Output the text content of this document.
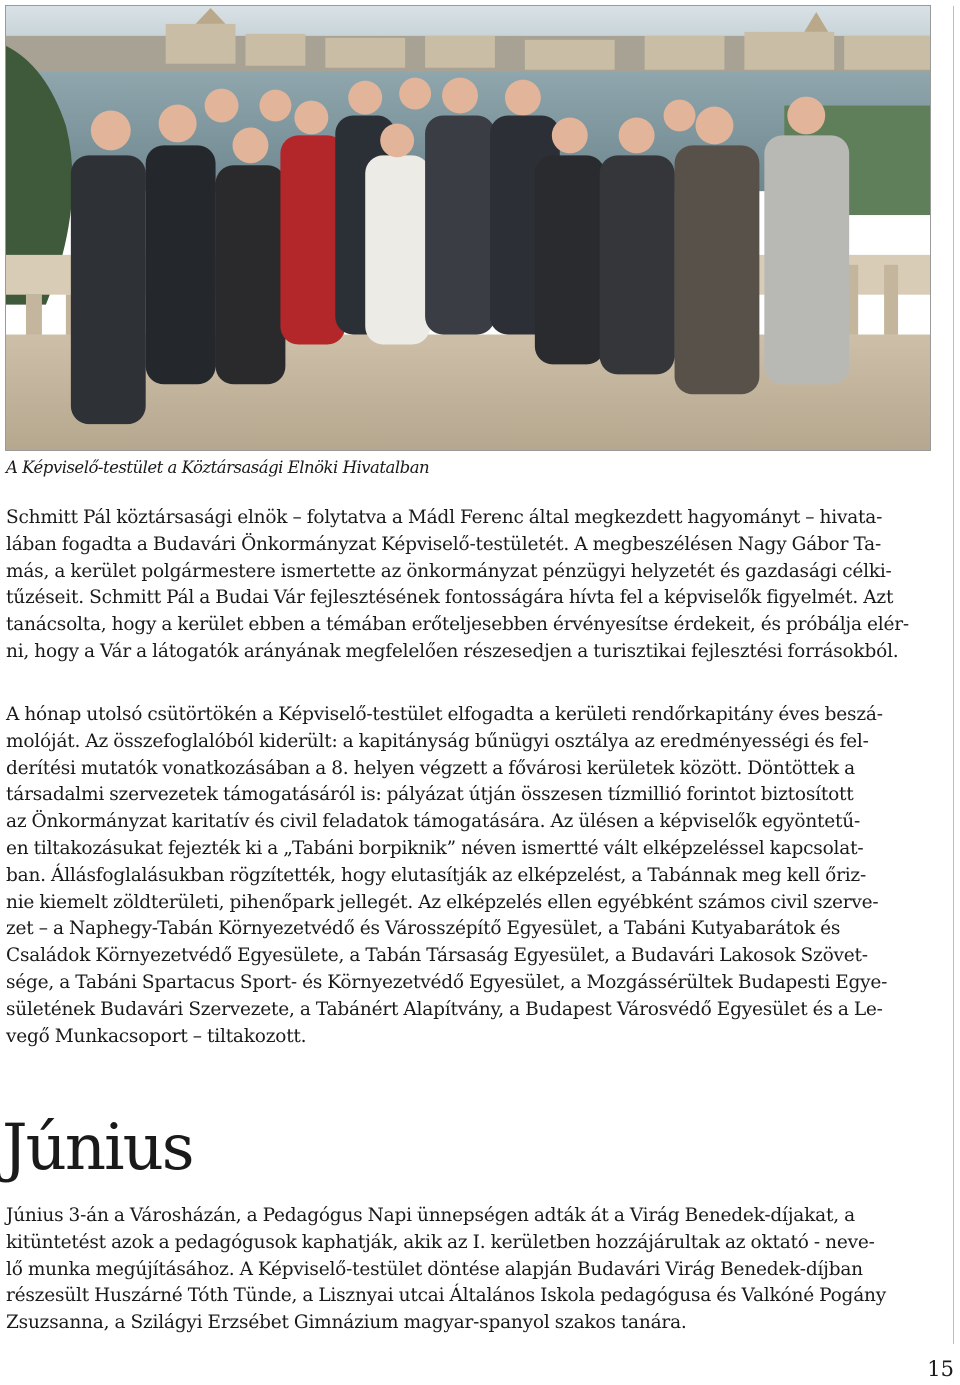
A Képviselő-testület a Köztársasági Elnöki Hivatalban

Schmitt Pál köztársasági elnök – folytatva a Mádl Ferenc által megkezdett hagyományt – hivata-
lában fogadta a Budavári Önkormányzat Képviselő-testületét. A megbeszélésen Nagy Gábor Ta-
más, a kerület polgármestere ismertette az önkormányzat pénzügyi helyzetét és gazdasági célki-
tűzéseit. Schmitt Pál a Budai Vár fejlesztésének fontosságára hívta fel a képviselők figyelmét. Azt
tanácsolta, hogy a kerület ebben a témában erőteljesebben érvényesítse érdekeit, és próbálja elér-
ni, hogy a Vár a látogatók arányának megfelelően részesedjen a turisztikai fejlesztési forrásokból.

A hónap utolsó csütörtökén a Képviselő-testület elfogadta a kerületi rendőrkapitány éves beszá-
molóját. Az összefoglalóból kiderült: a kapitányság bűnügyi osztálya az eredményességi és fel-
derítési mutatók vonatkozásában a 8. helyen végzett a fővárosi kerületek között. Döntöttek a
társadalmi szervezetek támogatásáról is: pályázat útján összesen tízmillió forintot biztosított
az Önkormányzat karitatív és civil feladatok támogatására. Az ülésen a képviselők egyöntetű-
en tiltakozásukat fejezték ki a „Tabáni borpiknik” néven ismertté vált elképzeléssel kapcsolat-
ban. Állásfoglalásukban rögzítették, hogy elutasítják az elképzelést, a Tabánnak meg kell őriz-
nie kiemelt zöldterületi, pihenőpark jellegét. Az elképzelés ellen egyébként számos civil szerve-
zet – a Naphegy-Tabán Környezetvédő és Városszépítő Egyesület, a Tabáni Kutyabarátok és
Családok Környezetvédő Egyesülete, a Tabán Társaság Egyesület, a Budavári Lakosok Szövet-
sége, a Tabáni Spartacus Sport- és Környezetvédő Egyesület, a Mozgássérültek Budapesti Egye-
sületének Budavári Szervezete, a Tabánért Alapítvány, a Budapest Városvédő Egyesület és a Le-
vegő Munkacsoport – tiltakozott.

Június

Június 3-án a Városházán, a Pedagógus Napi ünnepségen adták át a Virág Benedek-díjakat, a
kitüntetést azok a pedagógusok kaphatják, akik az I. kerületben hozzájárultak az oktató - neve-
lő munka megújításához. A Képviselő-testület döntése alapján Budavári Virág Benedek-díjban
részesült Huszárné Tóth Tünde, a Lisznyai utcai Általános Iskola pedagógusa és Valkóné Pogány
Zsuzsanna, a Szilágyi Erzsébet Gimnázium magyar-spanyol szakos tanára.

15
